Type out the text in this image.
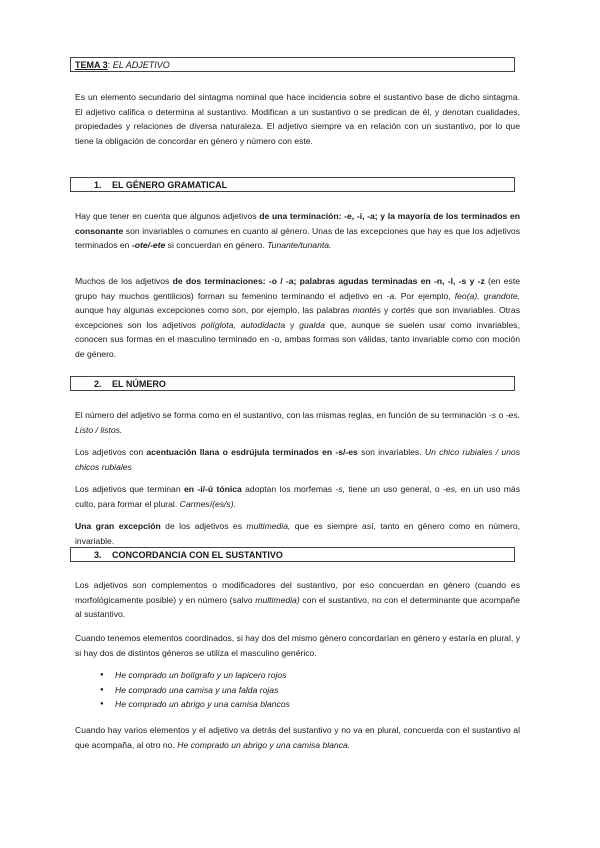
TEMA 3: EL ADJETIVO
Es un elemento secundario del sintagma nominal que hace incidencia sobre el sustantivo base de dicho sintagma. El adjetivo califica o determina al sustantivo. Modifican a un sustantivo o se predican de él, y denotan cualidades, propiedades y relaciones de diversa naturaleza. El adjetivo siempre va en relación con un sustantivo, por lo que tiene la obligación de concordar en género y número con este.
1. EL GÉNERO GRAMATICAL
Hay que tener en cuenta que algunos adjetivos de una terminación: -e, -i, -a; y la mayoría de los terminados en consonante son invariables o comunes en cuanto al género. Unas de las excepciones que hay es que los adjetivos terminados en -ote/-ete si concuerdan en género. Tunante/tunanta.
Muchos de los adjetivos de dos terminaciones: -o / -a; palabras agudas terminadas en -n, -l, -s y -z (en este grupo hay muchos gentilicios) forman su femenino terminando el adjetivo en -a. Por ejemplo, feo(a), grandote, aunque hay algunas excepciones como son, por ejemplo, las palabras montés y cortés que son invariables. Otras excepciones son los adjetivos políglota, autodidacta y gualda que, aunque se suelen usar como invariables, conocen sus formas en el masculino terminado en -o, ambas formas son válidas, tanto invariable como con moción de género.
2. EL NÚMERO
El número del adjetivo se forma como en el sustantivo, con las mismas reglas, en función de su terminación -s o -es. Listo / listos.
Los adjetivos con acentuación llana o esdrújula terminados en -s/-es son invariables. Un chico rubiales / unos chicos rubiales
Los adjetivos que terminan en -í/-ú tónica adoptan los morfemas -s, tiene un uso general, o -es, en un uso más culto, para formar el plural. Carmesí(es/s).
Una gran excepción de los adjetivos es multimedia, que es siempre así, tanto en género como en número, invariable.
3. CONCORDANCIA CON EL SUSTANTIVO
Los adjetivos son complementos o modificadores del sustantivo, por eso concuerdan en género (cuando es morfológicamente posible) y en número (salvo multimedia) con el sustantivo, no con el determinante que acompañe al sustantivo.
Cuando tenemos elementos coordinados, si hay dos del mismo género concordarían en género y estaría en plural, y si hay dos de distintos géneros se utiliza el masculino genérico.
● He comprado un bolígrafo y un lapicero rojos
● He comprado una camisa y una falda rojas
● He comprado un abrigo y una camisa blancos
Cuando hay varios elementos y el adjetivo va detrás del sustantivo y no va en plural, concuerda con el sustantivo al que acompaña, al otro no. He comprado un abrigo y una camisa blanca.
